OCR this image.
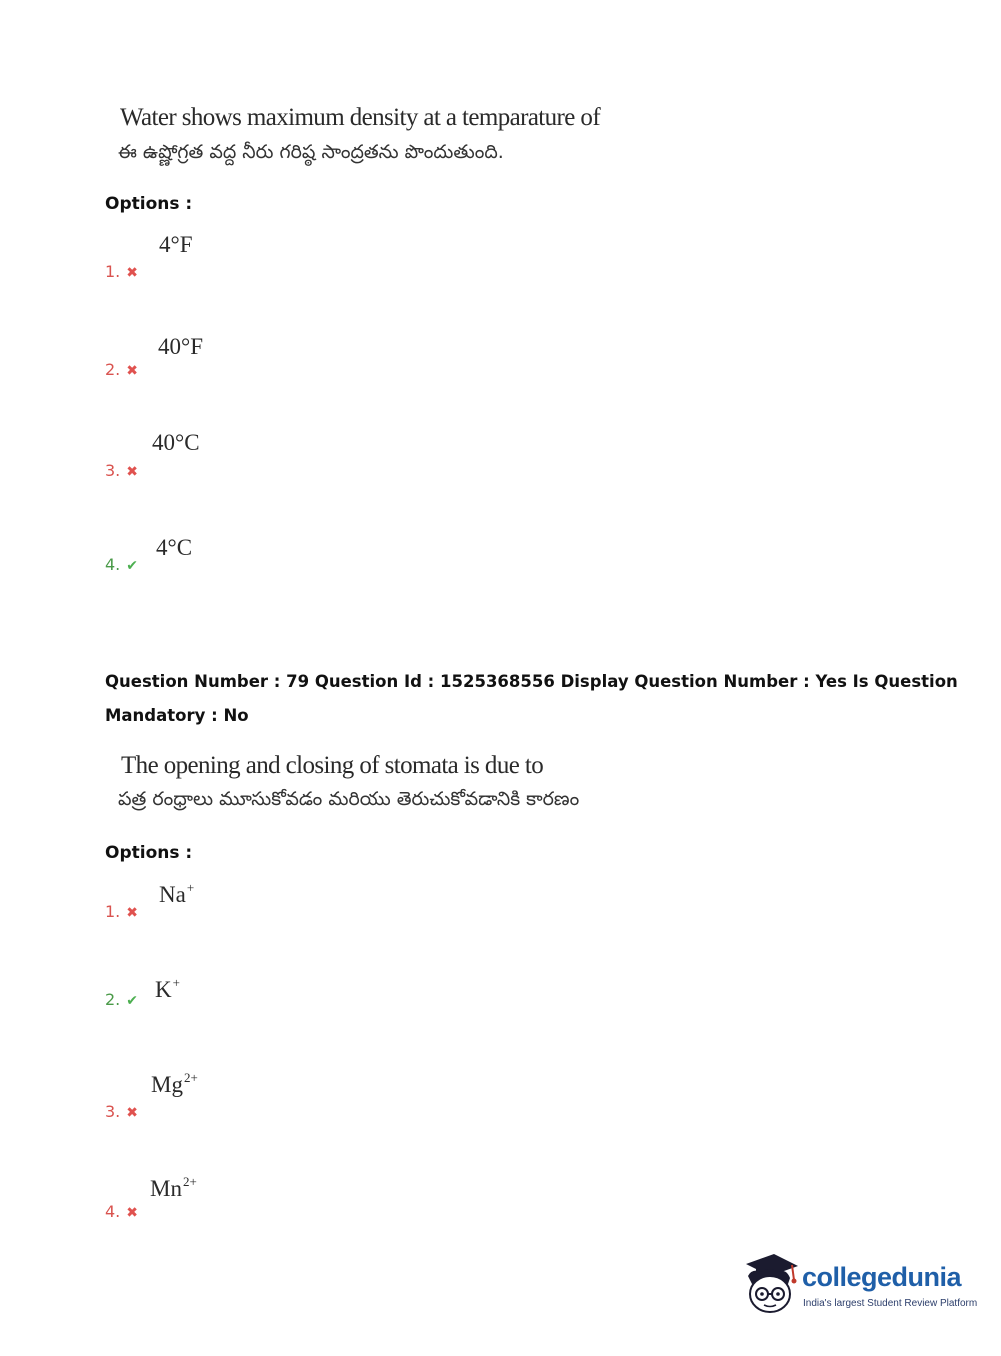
Water shows maximum density at a temparature of
ఈ ఉష్ణోగ్రత వద్ద నీరు గరిష్ఠ సాంద్రతను పొందుతుంది.
Options :
4°F
1. ✖
40°F
2. ✖
40°C
3. ✖
4°C
4. ✔
Question Number : 79 Question Id : 1525368556 Display Question Number : Yes Is Question
Mandatory : No
The opening and closing of stomata is due to
పత్ర రంధ్రాలు మూసుకోవడం మరియు తెరుచుకోవడానికి కారణం
Options :
Na+
1. ✖
K+
2. ✔
$Mg^{2+}$
3. ✖
$Mn^{2+}$
4. ✖
collegedunia
India's largest Student Review Platform
